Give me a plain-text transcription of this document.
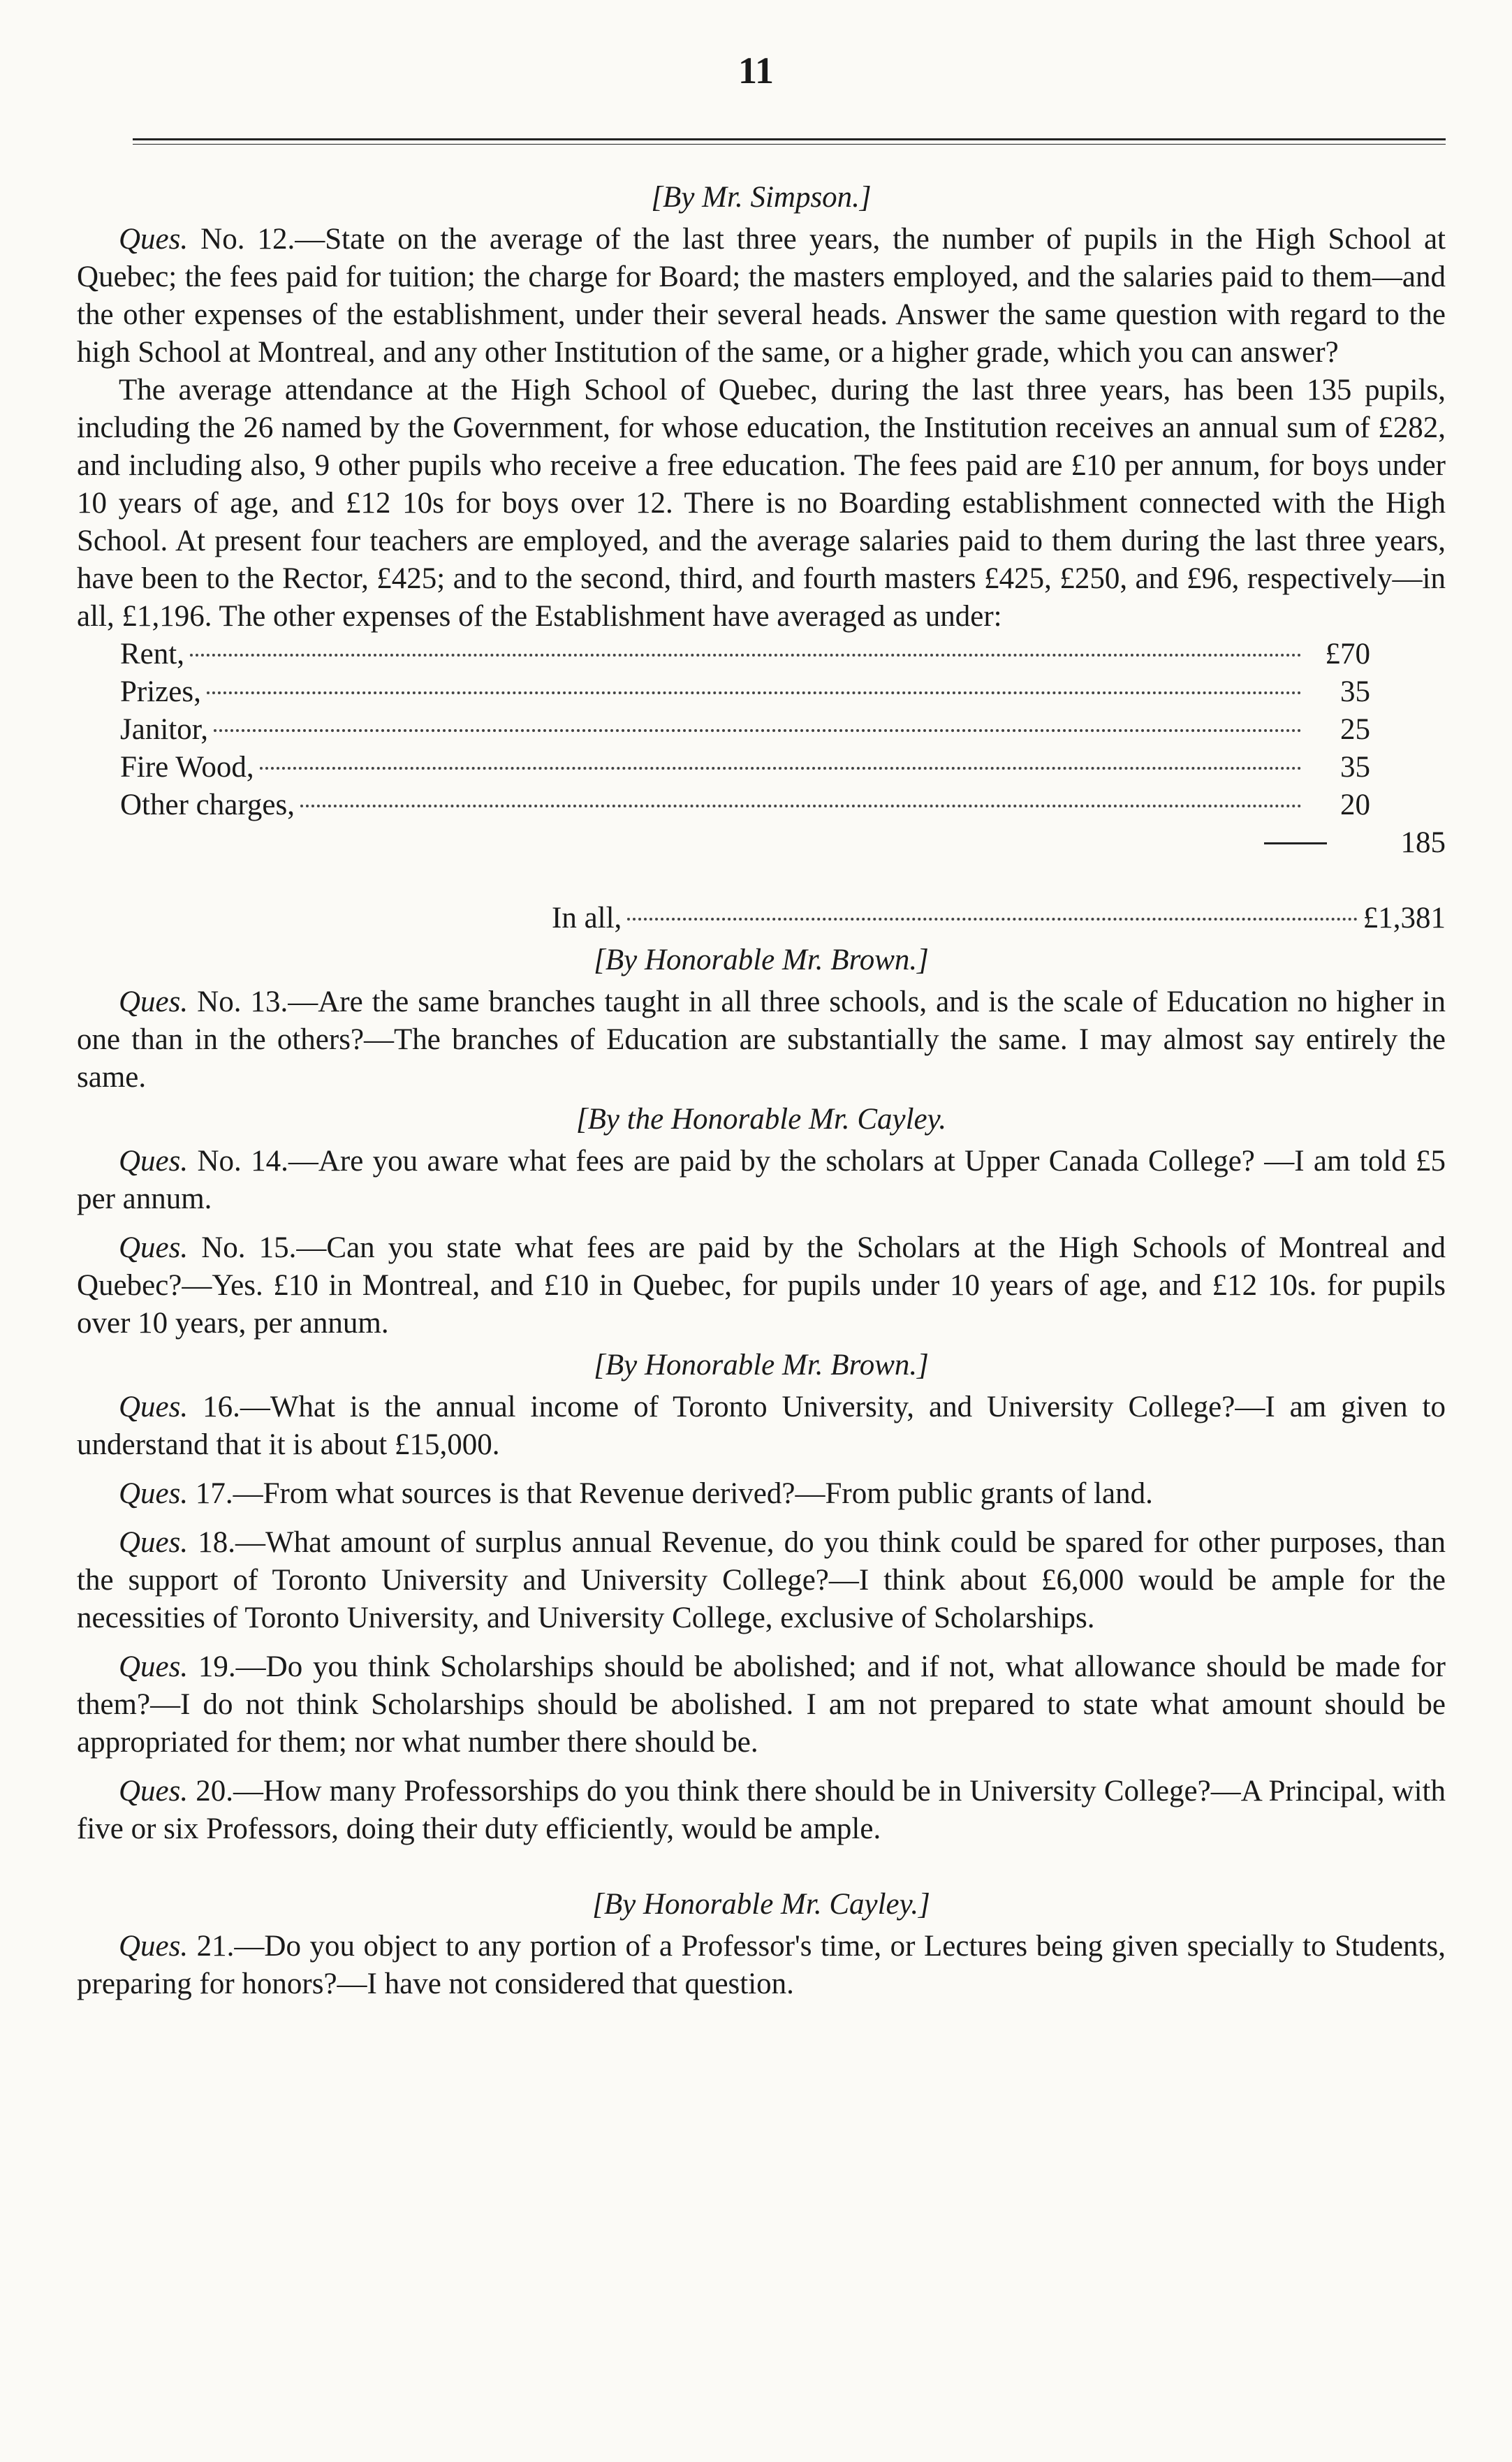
11

[By Mr. Simpson.]

Ques. No. 12.—State on the average of the last three years, the number of pupils in the High School at Quebec; the fees paid for tuition; the charge for Board; the masters employed, and the salaries paid to them—and the other expenses of the establishment, under their several heads. Answer the same question with regard to the high School at Montreal, and any other Institution of the same, or a higher grade, which you can answer?

The average attendance at the High School of Quebec, during the last three years, has been 135 pupils, including the 26 named by the Government, for whose education, the Institution receives an annual sum of £282, and including also, 9 other pupils who receive a free education. The fees paid are £10 per annum, for boys under 10 years of age, and £12 10s for boys over 12. There is no Boarding establishment connected with the High School. At present four teachers are employed, and the average salaries paid to them during the last three years, have been to the Rector, £425; and to the second, third, and fourth masters £425, £250, and £96, respectively—in all, £1,196. The other expenses of the Establishment have averaged as under:

Rent,	£70
Prizes,	35
Janitor,	25
Fire Wood,	35
Other charges,	20
185
In all,	£1,381

[By Honorable Mr. Brown.]

Ques. No. 13.—Are the same branches taught in all three schools, and is the scale of Education no higher in one than in the others?—The branches of Education are substantially the same. I may almost say entirely the same.

[By the Honorable Mr. Cayley.

Ques. No. 14.—Are you aware what fees are paid by the scholars at Upper Canada College? —I am told £5 per annum.

Ques. No. 15.—Can you state what fees are paid by the Scholars at the High Schools of Montreal and Quebec?—Yes. £10 in Montreal, and £10 in Quebec, for pupils under 10 years of age, and £12 10s. for pupils over 10 years, per annum.

[By Honorable Mr. Brown.]

Ques. 16.—What is the annual income of Toronto University, and University College?—I am given to understand that it is about £15,000.

Ques. 17.—From what sources is that Revenue derived?—From public grants of land.

Ques. 18.—What amount of surplus annual Revenue, do you think could be spared for other purposes, than the support of Toronto University and University College?—I think about £6,000 would be ample for the necessities of Toronto University, and University College, exclusive of Scholarships.

Ques. 19.—Do you think Scholarships should be abolished; and if not, what allowance should be made for them?—I do not think Scholarships should be abolished. I am not prepared to state what amount should be appropriated for them; nor what number there should be.

Ques. 20.—How many Professorships do you think there should be in University College?—A Principal, with five or six Professors, doing their duty efficiently, would be ample.

[By Honorable Mr. Cayley.]

Ques. 21.—Do you object to any portion of a Professor's time, or Lectures being given specially to Students, preparing for honors?—I have not considered that question.
